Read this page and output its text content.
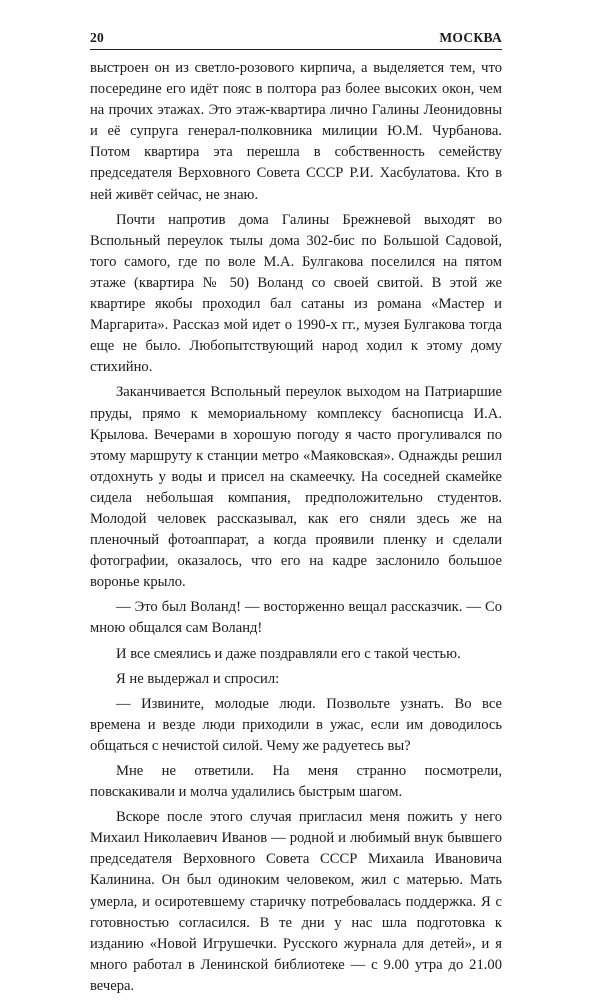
20	МОСКВА

выстроен он из светло-розового кирпича, а выделяется тем, что посередине его идёт пояс в полтора раз более высоких окон, чем на прочих этажах. Это этаж-квартира лично Галины Леонидовны и её супруга генерал-полковника милиции Ю.М. Чурбанова. Потом квартира эта перешла в собственность семейству председателя Верховного Совета СССР Р.И. Хасбулатова. Кто в ней живёт сейчас, не знаю.

Почти напротив дома Галины Брежневой выходят во Вспольный переулок тылы дома 302-бис по Большой Садовой, того самого, где по воле М.А. Булгакова поселился на пятом этаже (квартира № 50) Воланд со своей свитой. В этой же квартире якобы проходил бал сатаны из романа «Мастер и Маргарита». Рассказ мой идет о 1990-х гг., музея Булгакова тогда еще не было. Любопытствующий народ ходил к этому дому стихийно.

Заканчивается Вспольный переулок выходом на Патриаршие пруды, прямо к мемориальному комплексу баснописца И.А. Крылова. Вечерами в хорошую погоду я часто прогуливался по этому маршруту к станции метро «Маяковская». Однажды решил отдохнуть у воды и присел на скамеечку. На соседней скамейке сидела небольшая компания, предположительно студентов. Молодой человек рассказывал, как его сняли здесь же на пленочный фотоаппарат, а когда проявили пленку и сделали фотографии, оказалось, что его на кадре заслонило большое воронье крыло.

— Это был Воланд! — восторженно вещал рассказчик. — Со мною общался сам Воланд!

И все смеялись и даже поздравляли его с такой честью.

Я не выдержал и спросил:

— Извините, молодые люди. Позвольте узнать. Во все времена и везде люди приходили в ужас, если им доводилось общаться с нечистой силой. Чему же радуетесь вы?

Мне не ответили. На меня странно посмотрели, повскакивали и молча удалились быстрым шагом.

Вскоре после этого случая пригласил меня пожить у него Михаил Николаевич Иванов — родной и любимый внук бывшего председателя Верховного Совета СССР Михаила Ивановича Калинина. Он был одиноким человеком, жил с матерью. Мать умерла, и осиротевшему старичку потребовалась поддержка. Я с готовностью согласился. В те дни у нас шла подготовка к изданию «Новой Игрушечки. Русского журнала для детей», и я много работал в Ленинской библиотеке — с 9.00 утра до 21.00 вечера.
